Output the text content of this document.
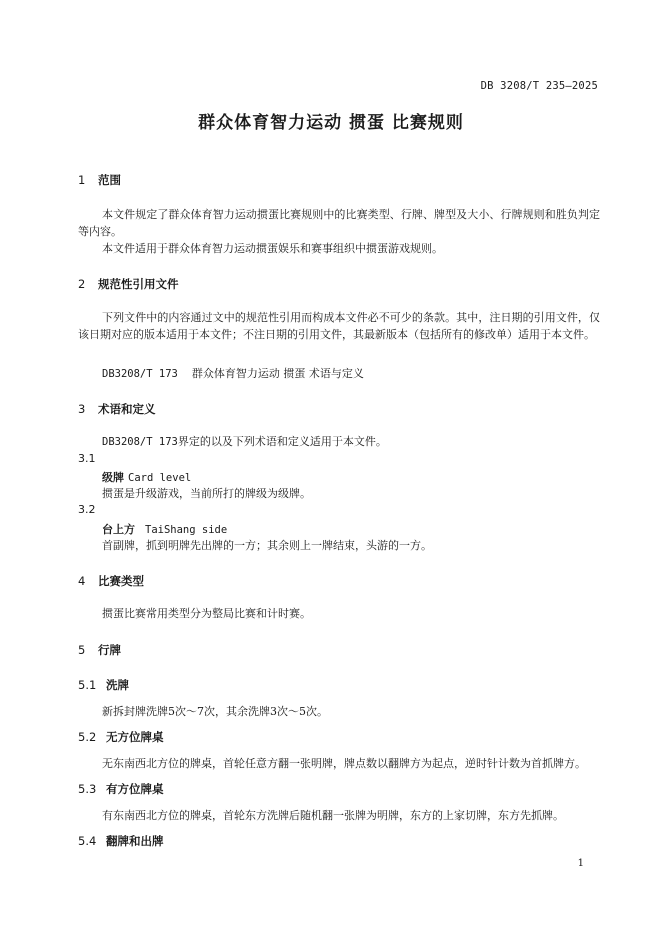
DB 3208/T 235—2025
群众体育智力运动 掼蛋 比赛规则
1 范围
本文件规定了群众体育智力运动掼蛋比赛规则中的比赛类型、行牌、牌型及大小、行牌规则和胜负判定等内容。
本文件适用于群众体育智力运动掼蛋娱乐和赛事组织中掼蛋游戏规则。
2 规范性引用文件
下列文件中的内容通过文中的规范性引用而构成本文件必不可少的条款。其中，注日期的引用文件，仅该日期对应的版本适用于本文件；不注日期的引用文件，其最新版本（包括所有的修改单）适用于本文件。
DB3208/T 173 群众体育智力运动 掼蛋 术语与定义
3 术语和定义
DB3208/T 173界定的以及下列术语和定义适用于本文件。
3.1
级牌 Card level
掼蛋是升级游戏，当前所打的牌级为级牌。
3.2
台上方 TaiShang side
首副牌，抓到明牌先出牌的一方；其余则上一牌结束，头游的一方。
4 比赛类型
掼蛋比赛常用类型分为整局比赛和计时赛。
5 行牌
5.1 洗牌
新拆封牌洗牌5次～7次，其余洗牌3次～5次。
5.2 无方位牌桌
无东南西北方位的牌桌，首轮任意方翻一张明牌，牌点数以翻牌方为起点，逆时针计数为首抓牌方。
5.3 有方位牌桌
有东南西北方位的牌桌，首轮东方洗牌后随机翻一张牌为明牌，东方的上家切牌，东方先抓牌。
5.4 翻牌和出牌
1
